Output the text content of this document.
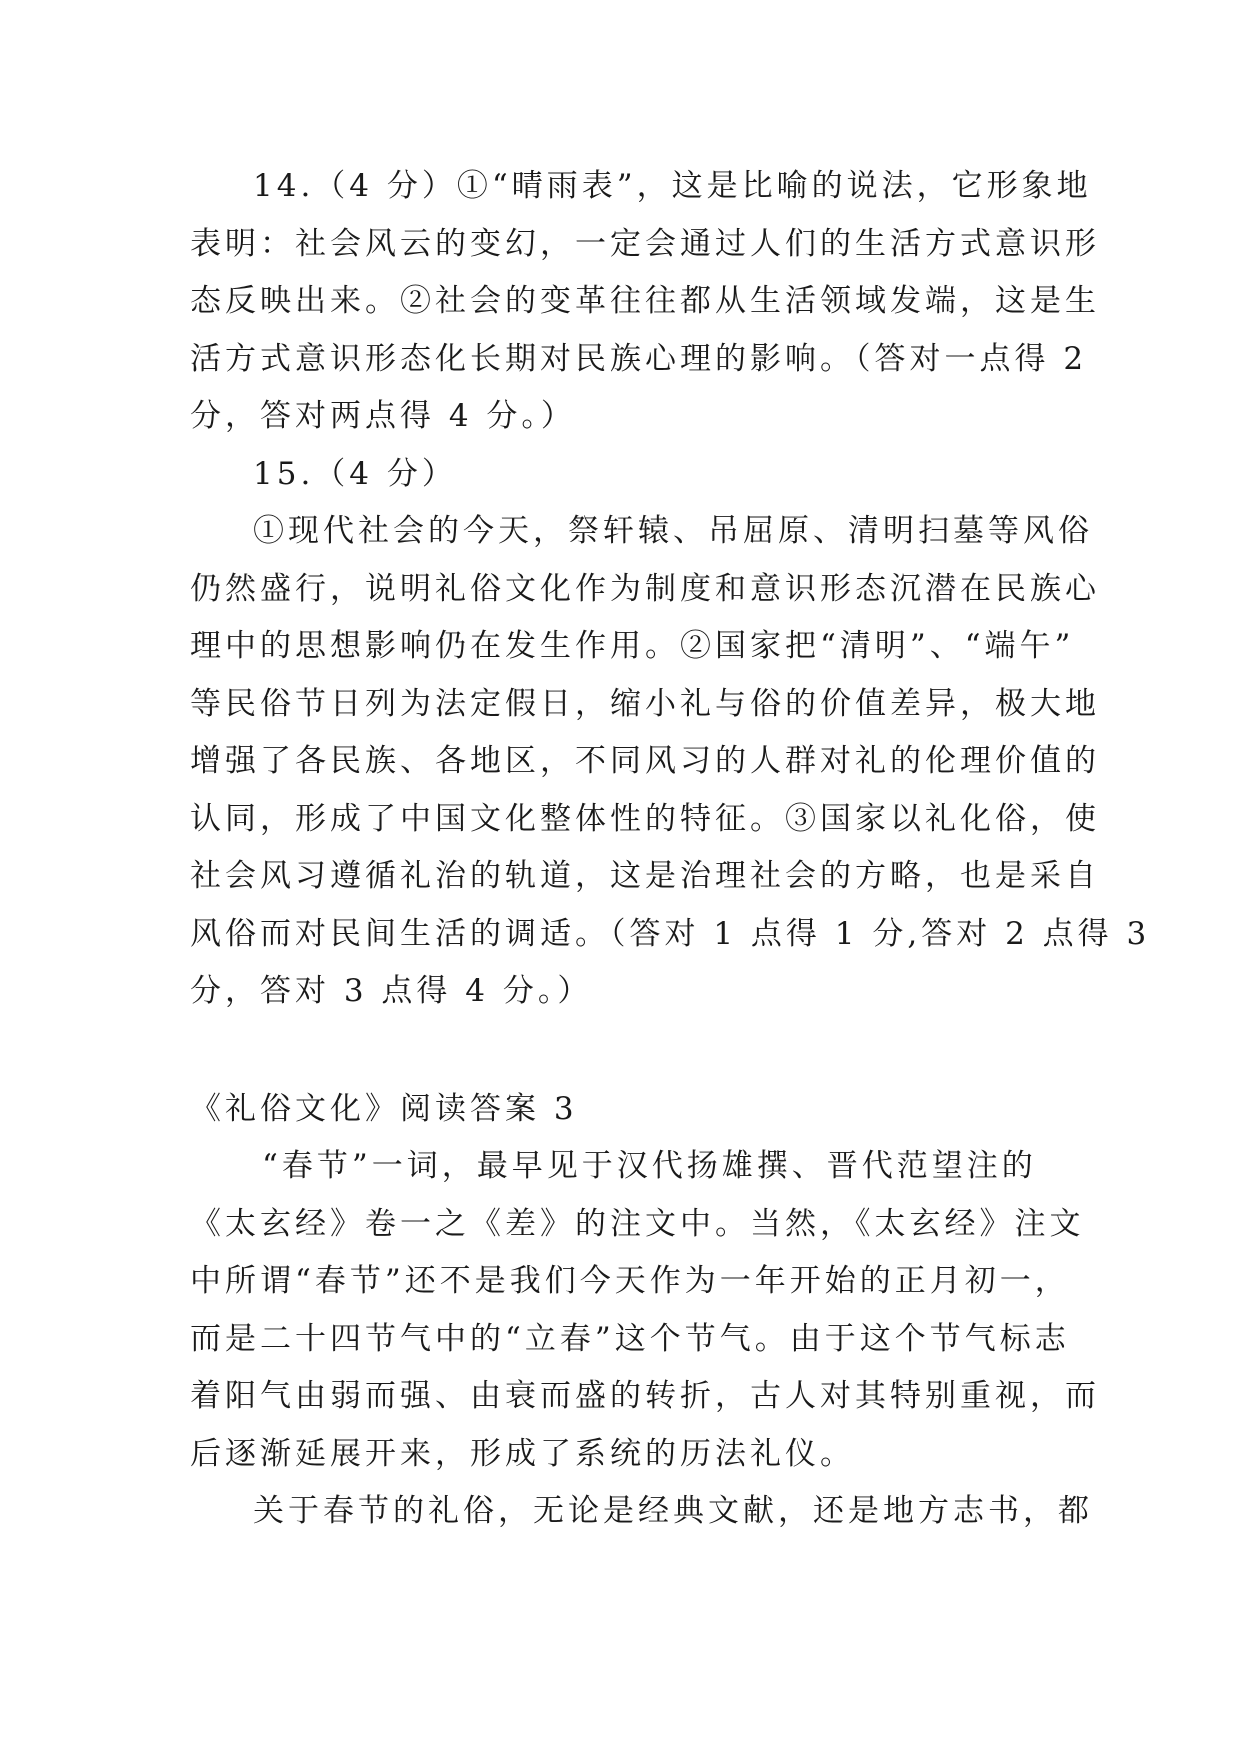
14.（4 分）①“晴雨表”，这是比喻的说法，它形象地
表明：社会风云的变幻，一定会通过人们的生活方式意识形
态反映出来。②社会的变革往往都从生活领域发端，这是生
活方式意识形态化长期对民族心理的影响。（答对一点得 2
分，答对两点得 4 分。）
15.（4 分）
①现代社会的今天，祭轩辕、吊屈原、清明扫墓等风俗
仍然盛行，说明礼俗文化作为制度和意识形态沉潜在民族心
理中的思想影响仍在发生作用。②国家把“清明”、“端午”
等民俗节日列为法定假日，缩小礼与俗的价值差异，极大地
增强了各民族、各地区，不同风习的人群对礼的伦理价值的
认同，形成了中国文化整体性的特征。③国家以礼化俗，使
社会风习遵循礼治的轨道，这是治理社会的方略，也是采自
风俗而对民间生活的调适。（答对 1 点得 1 分,答对 2 点得 3
分，答对 3 点得 4 分。）
《礼俗文化》阅读答案 3
“春节”一词，最早见于汉代扬雄撰、晋代范望注的
《太玄经》卷一之《差》的注文中。当然，《太玄经》注文
中所谓“春节”还不是我们今天作为一年开始的正月初一，
而是二十四节气中的“立春”这个节气。由于这个节气标志
着阳气由弱而强、由衰而盛的转折，古人对其特别重视，而
后逐渐延展开来，形成了系统的历法礼仪。
关于春节的礼俗，无论是经典文献，还是地方志书，都
